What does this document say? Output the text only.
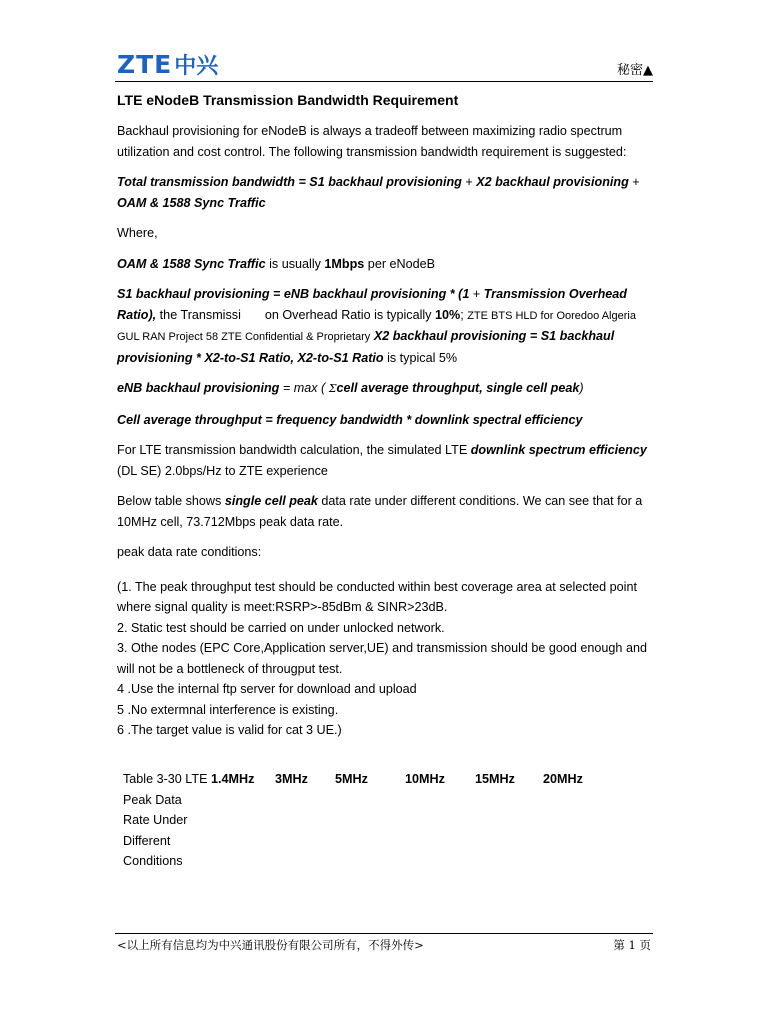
ZTE 中兴	秘密▲
LTE eNodeB Transmission Bandwidth Requirement

Backhaul provisioning for eNodeB is always a tradeoff between maximizing radio spectrum utilization and cost control. The following transmission bandwidth requirement is suggested:

Total transmission bandwidth = S1 backhaul provisioning + X2 backhaul provisioning + OAM & 1588 Sync Traffic

Where,

OAM & 1588 Sync Traffic is usually 1Mbps per eNodeB

S1 backhaul provisioning = eNB backhaul provisioning * (1 + Transmission Overhead Ratio), the Transmissi on Overhead Ratio is typically 10%; ZTE BTS HLD for Ooredoo Algeria GUL RAN Project 58 ZTE Confidential & Proprietary X2 backhaul provisioning = S1 backhaul provisioning * X2-to-S1 Ratio, X2-to-S1 Ratio is typical 5%

eNB backhaul provisioning = max ( Σcell average throughput, single cell peak)

Cell average throughput = frequency bandwidth * downlink spectral efficiency

For LTE transmission bandwidth calculation, the simulated LTE downlink spectrum efficiency (DL SE) 2.0bps/Hz to ZTE experience

Below table shows single cell peak data rate under different conditions. We can see that for a 10MHz cell, 73.712Mbps peak data rate.

peak data rate conditions:

(1. The peak throughput test should be conducted within best coverage area at selected point where signal quality is meet:RSRP>-85dBm & SINR>23dB.

2. Static test should be carried on under unlocked network.

3. Othe nodes (EPC Core,Application server,UE) and transmission should be good enough and will not be a bottleneck of througput test.

4 .Use the internal ftp server for download and upload

5 .No extermnal interference is existing.

6 .The target value is valid for cat 3 UE.)

Table 3-30 LTE Peak Data Rate Under Different Conditions	1.4MHz	3MHz	5MHz	10MHz	15MHz	20MHz
<以上所有信息均为中兴通讯股份有限公司所有，不得外传>	第 1 页
